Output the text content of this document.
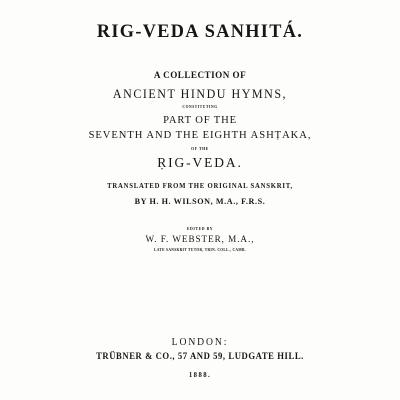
RIG-VEDA SANHITÁ.
A COLLECTION OF
ANCIENT HINDU HYMNS,
CONSTITUTING
PART OF THE
SEVENTH AND THE EIGHTH ASHṬAKA,
OF THE
ṚIG-VEDA.
TRANSLATED FROM THE ORIGINAL SANSKRIT,
BY H. H. WILSON, M.A., F.R.S.
EDITED BY
W. F. WEBSTER, M.A.,
LATE SANSKRIT TUTOR, TRIN. COLL., CAMB.
LONDON:
TRÜBNER & CO., 57 AND 59, LUDGATE HILL.
1888.
